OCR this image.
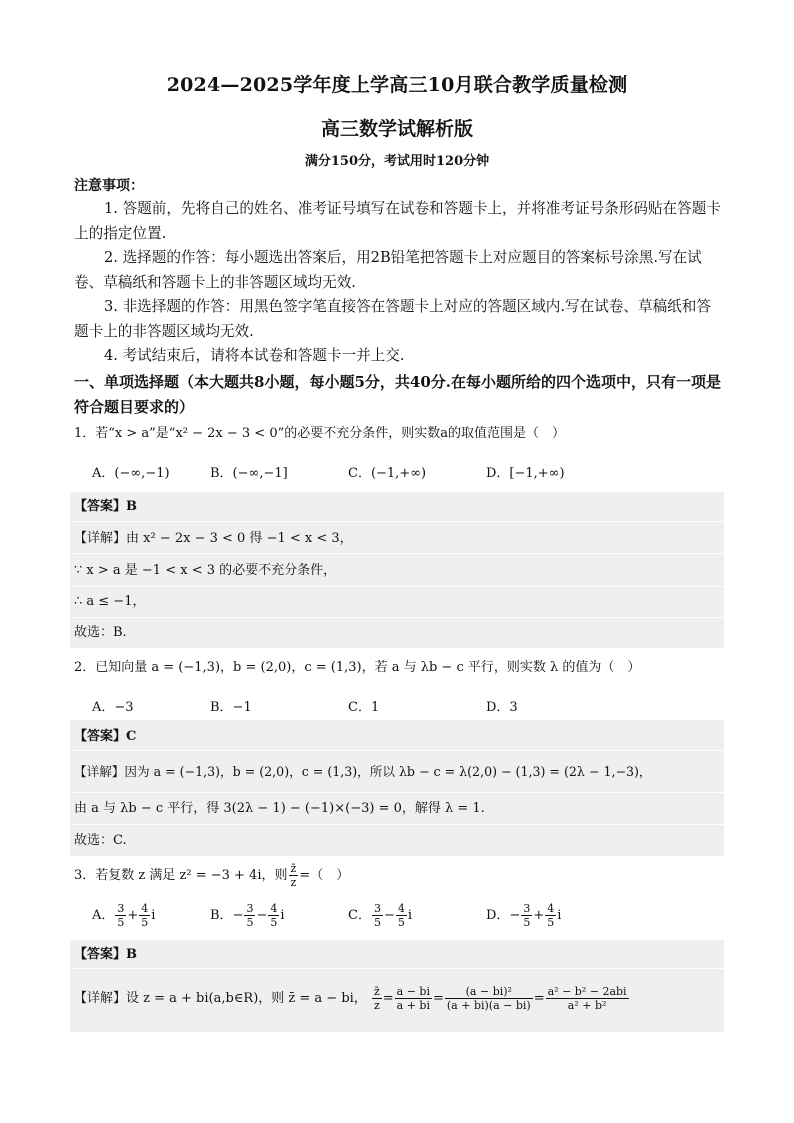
2024—2025学年度上学高三10月联合教学质量检测
高三数学试解析版
满分150分，考试用时120分钟
注意事项：
1. 答题前，先将自己的姓名、准考证号填写在试卷和答题卡上，并将准考证号条形码贴在答题卡上的指定位置.
2. 选择题的作答：每小题选出答案后，用2B铅笔把答题卡上对应题目的答案标号涂黑.写在试卷、草稿纸和答题卡上的非答题区域均无效.
3. 非选择题的作答：用黑色签字笔直接答在答题卡上对应的答题区域内.写在试卷、草稿纸和答题卡上的非答题区域均无效.
4. 考试结束后，请将本试卷和答题卡一并上交.
一、单项选择题（本大题共8小题，每小题5分，共40分.在每小题所给的四个选项中，只有一项是符合题目要求的）
1．若“x > a”是“x² − 2x − 3 < 0”的必要不充分条件，则实数a的取值范围是（　）
A．(−∞,−1)	B．(−∞,−1]	C．(−1,+∞)	D．[−1,+∞)
【答案】B
【详解】由 x² − 2x − 3 < 0 得 −1 < x < 3，
∵ x > a 是 −1 < x < 3 的必要不充分条件，
∴ a ≤ −1，
故选：B.
2．已知向量 a = (−1,3)，b = (2,0)，c = (1,3)，若 a 与 λb − c 平行，则实数 λ 的值为（　）
A．−3	B．−1	C．1	D．3
【答案】C
【详解】因为 a = (−1,3)，b = (2,0)，c = (1,3)，所以 λb − c = λ(2,0) − (1,3) = (2λ − 1,−3)，
由 a 与 λb − c 平行，得 3(2λ − 1) − (−1)×(−3) = 0，解得 λ = 1.
故选：C.
3．若复数 z 满足 z² = −3 + 4i，则 $\frac{z̄}{z}$ =（　）
A． $\frac{3}{5} + \frac{4}{5}$ i	B．− $\frac{3}{5} - \frac{4}{5}$ i	C． $\frac{3}{5} - \frac{4}{5}$ i	D．− $\frac{3}{5} + \frac{4}{5}$ i
【答案】B
【详解】设 z = a + bi(a,b∈R)，则 z̄ = a − bi， $\frac{z̄}{z} = \frac{a - bi}{a + bi} = \frac{\text{(a − bi)²}}{(a + bi)(a - bi)} = \frac{\text{a² − b² − 2abi}}{\text{a² + b²}}$
